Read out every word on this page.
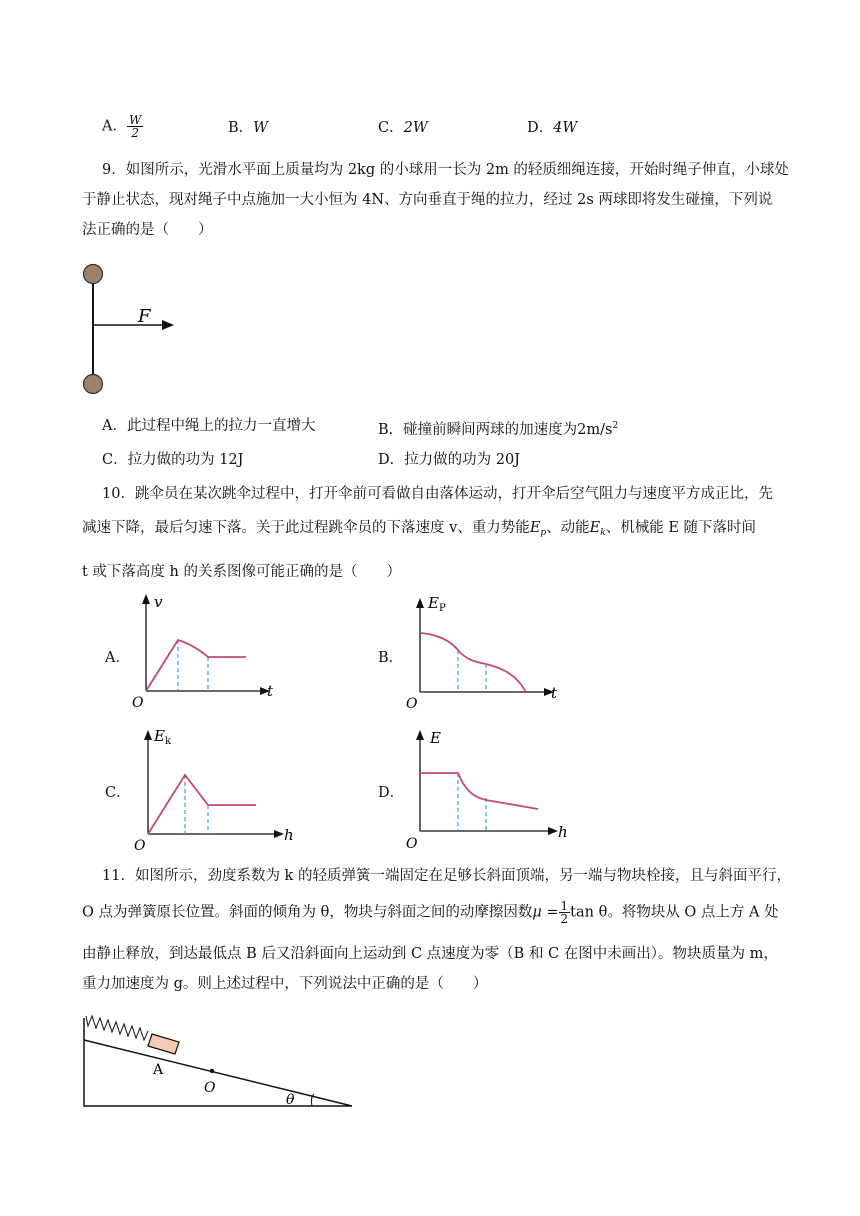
A． $\frac{W}{2}$	B．W	C．2W	D．4W
9．如图所示，光滑水平面上质量均为 2kg 的小球用一长为 2m 的轻质细绳连接，开始时绳子伸直，小球处
于静止状态，现对绳子中点施加一大小恒为 4N、方向垂直于绳的拉力，经过 2s 两球即将发生碰撞，下列说
法正确的是（　　）
F
A．此过程中绳上的拉力一直增大	B．碰撞前瞬间两球的加速度为$2m/s^2$
C．拉力做的功为 12J	D．拉力做的功为 20J
10．跳伞员在某次跳伞过程中，打开伞前可看做自由落体运动，打开伞后空气阻力与速度平方成正比，先
减速下降，最后匀速下落。关于此过程跳伞员的下落速度 v、重力势能$E_p$、动能$E_k$、机械能 E 随下落时间
t 或下落高度 h 的关系图像可能正确的是（　　）
A．
v
t
O
B．
$E_P$
t
O
C．
$E_k$
h
O
D．
E
h
O
11．如图所示，劲度系数为 k 的轻质弹簧一端固定在足够长斜面顶端，另一端与物块栓接，且与斜面平行，
O 点为弹簧原长位置。斜面的倾角为 θ，物块与斜面之间的动摩擦因数$\mu = \frac{1}{2}$ tan θ。将物块从 O 点上方 A 处
由静止释放，到达最低点 B 后又沿斜面向上运动到 C 点速度为零（B 和 C 在图中未画出）。物块质量为 m，
重力加速度为 g。则上述过程中，下列说法中正确的是（　　）
A
O
θ
